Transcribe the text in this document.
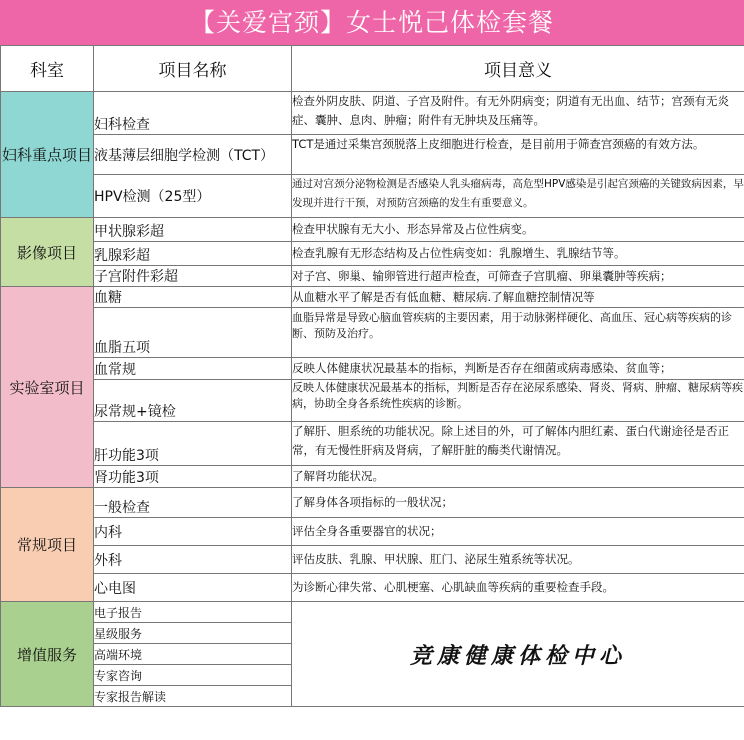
【关爱宫颈】女士悦己体检套餐
科室	项目名称	项目意义
妇科重点项目	妇科检查	检查外阴皮肤、阴道、子宫及附件。有无外阴病变；阴道有无出血、结节；宫颈有无炎症、囊肿、息肉、肿瘤；附件有无肿块及压痛等。
	液基薄层细胞学检测（TCT）	TCT是通过采集宫颈脱落上皮细胞进行检查，是目前用于筛查宫颈癌的有效方法。
	HPV检测（25型）	通过对宫颈分泌物检测是否感染人乳头瘤病毒，高危型HPV感染是引起宫颈癌的关键致病因素，早发现并进行干预，对预防宫颈癌的发生有重要意义。
影像项目	甲状腺彩超	检查甲状腺有无大小、形态异常及占位性病变。
	乳腺彩超	检查乳腺有无形态结构及占位性病变如：乳腺增生、乳腺结节等。
	子宫附件彩超	对子宫、卵巢、输卵管进行超声检查，可筛查子宫肌瘤、卵巢囊肿等疾病；
实验室项目	血糖	从血糖水平了解是否有低血糖、糖尿病.了解血糖控制情况等
	血脂五项	血脂异常是导致心脑血管疾病的主要因素，用于动脉粥样硬化、高血压、冠心病等疾病的诊断、预防及治疗。
	血常规	反映人体健康状况最基本的指标，判断是否存在细菌或病毒感染、贫血等；
	尿常规+镜检	反映人体健康状况最基本的指标，判断是否存在泌尿系感染、肾炎、肾病、肿瘤、糖尿病等疾病，协助全身各系统性疾病的诊断。
	肝功能3项	了解肝、胆系统的功能状况。除上述目的外，可了解体内胆红素、蛋白代谢途径是否正常，有无慢性肝病及肾病，了解肝脏的酶类代谢情况。
	肾功能3项	了解肾功能状况。
常规项目	一般检查	了解身体各项指标的一般状况；
	内科	评估全身各重要器官的状况；
	外科	评估皮肤、乳腺、甲状腺、肛门、泌尿生殖系统等状况。
	心电图	为诊断心律失常、心肌梗塞、心肌缺血等疾病的重要检查手段。
增值服务	电子报告	竞康健康体检中心
	星级服务	
	高端环境	
	专家咨询	
	专家报告解读	
